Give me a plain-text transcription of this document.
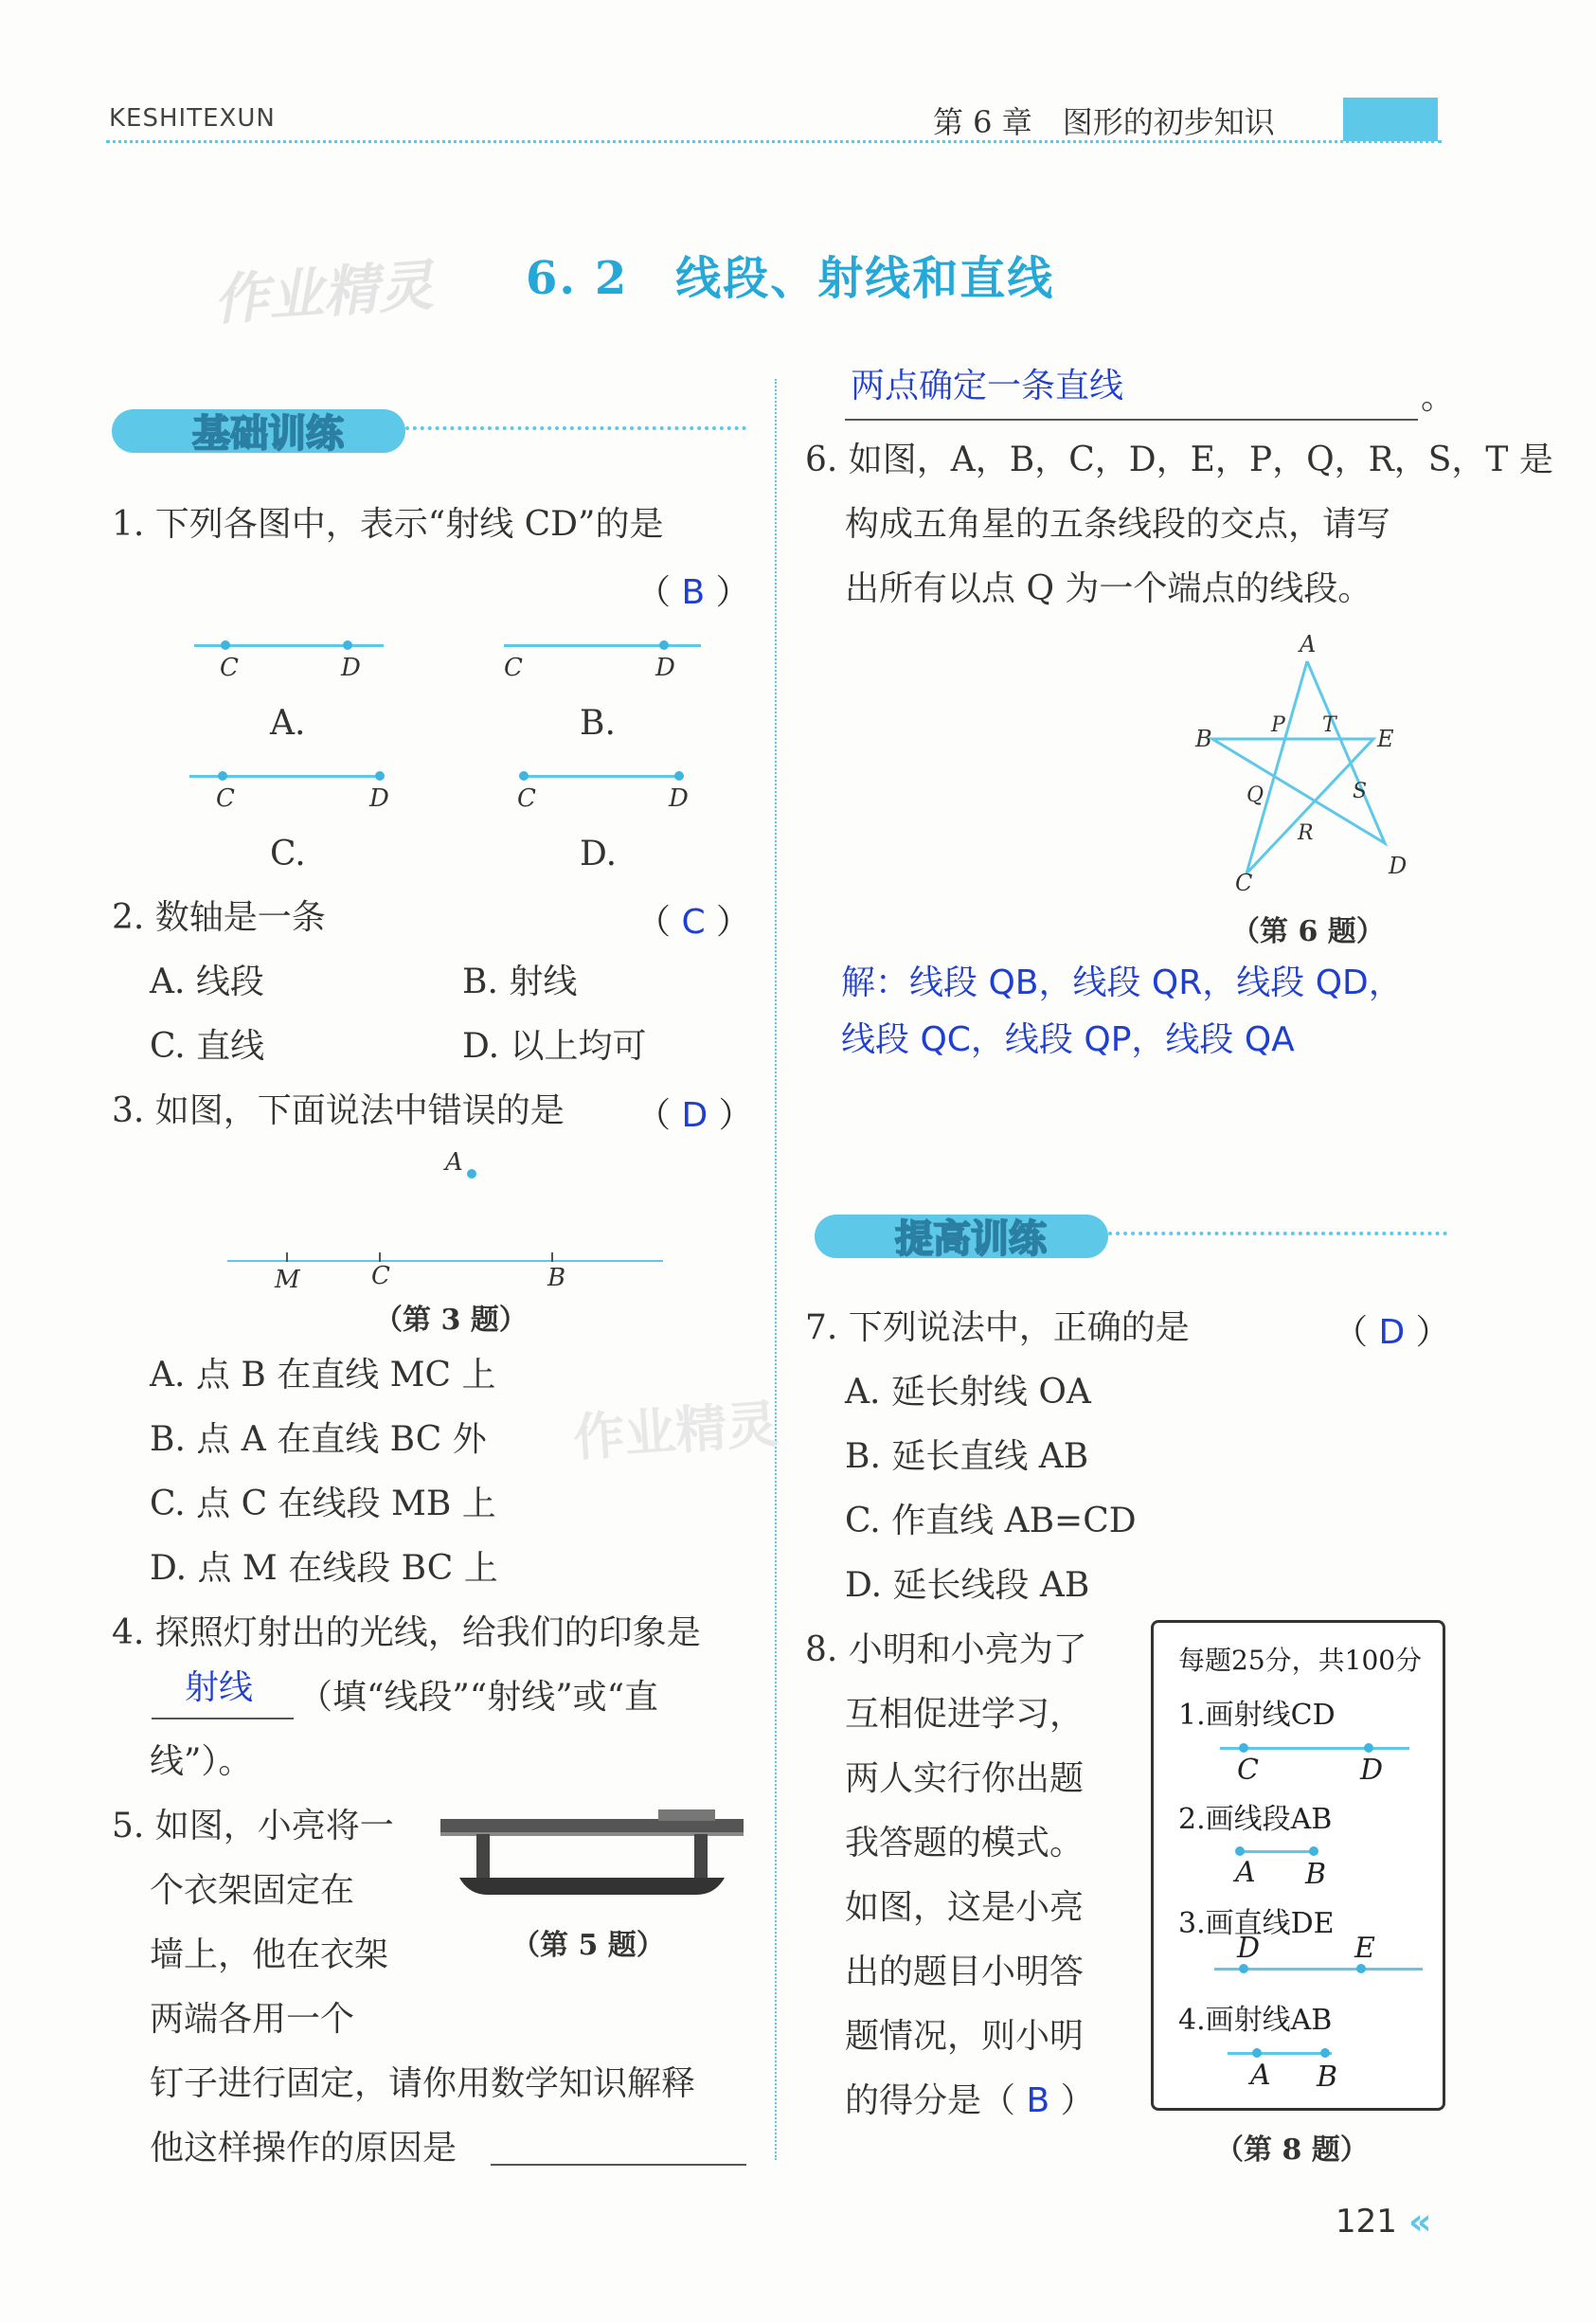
KESHITEXUN	第 6 章　图形的初步知识
作业精灵 6. 2　线段、射线和直线
基础训练
1. 下列各图中，表示“射线 CD”的是
（ B ）
C	D
A.
C	D
B.
C	D
C.
C	D
D.
2. 数轴是一条	（ C ）
A. 线段	B. 射线
C. 直线	D. 以上均可
3. 如图，下面说法中错误的是 （ D ）
A
M	C	B
（第 3 题）
A. 点 B 在直线 MC 上
B. 点 A 在直线 BC 外
C. 点 C 在线段 MB 上
D. 点 M 在线段 BC 上
作业精灵
4. 探照灯射出的光线，给我们的印象是
射线 （填“线段”“射线”或“直
线”）。
5. 如图，小亮将一
个衣架固定在
墙上，他在衣架
两端各用一个
钉子进行固定，请你用数学知识解释
他这样操作的原因是
（第 5 题）
两点确定一条直线	。
6. 如图，A，B，C，D，E，P，Q，R，S，T 是
构成五角星的五条线段的交点，请写
出所有以点 Q 为一个端点的线段。
A
B	E
P T
Q	S
R
C
D
（第 6 题）
解：线段 QB，线段 QR，线段 QD，
线段 QC，线段 QP，线段 QA
提高训练
7. 下列说法中，正确的是	（ D ）
A. 延长射线 OA
B. 延长直线 AB
C. 作直线 AB=CD
D. 延长线段 AB
8. 小明和小亮为了
互相促进学习，
两人实行你出题
我答题的模式。
如图，这是小亮
出的题目小明答
题情况，则小明
的得分是（ B ）
每题25分，共100分
1.画射线CD
C	D
2.画线段AB
A B
3.画直线DE
D	E
4.画射线AB
A B
（第 8 题）
121 «
